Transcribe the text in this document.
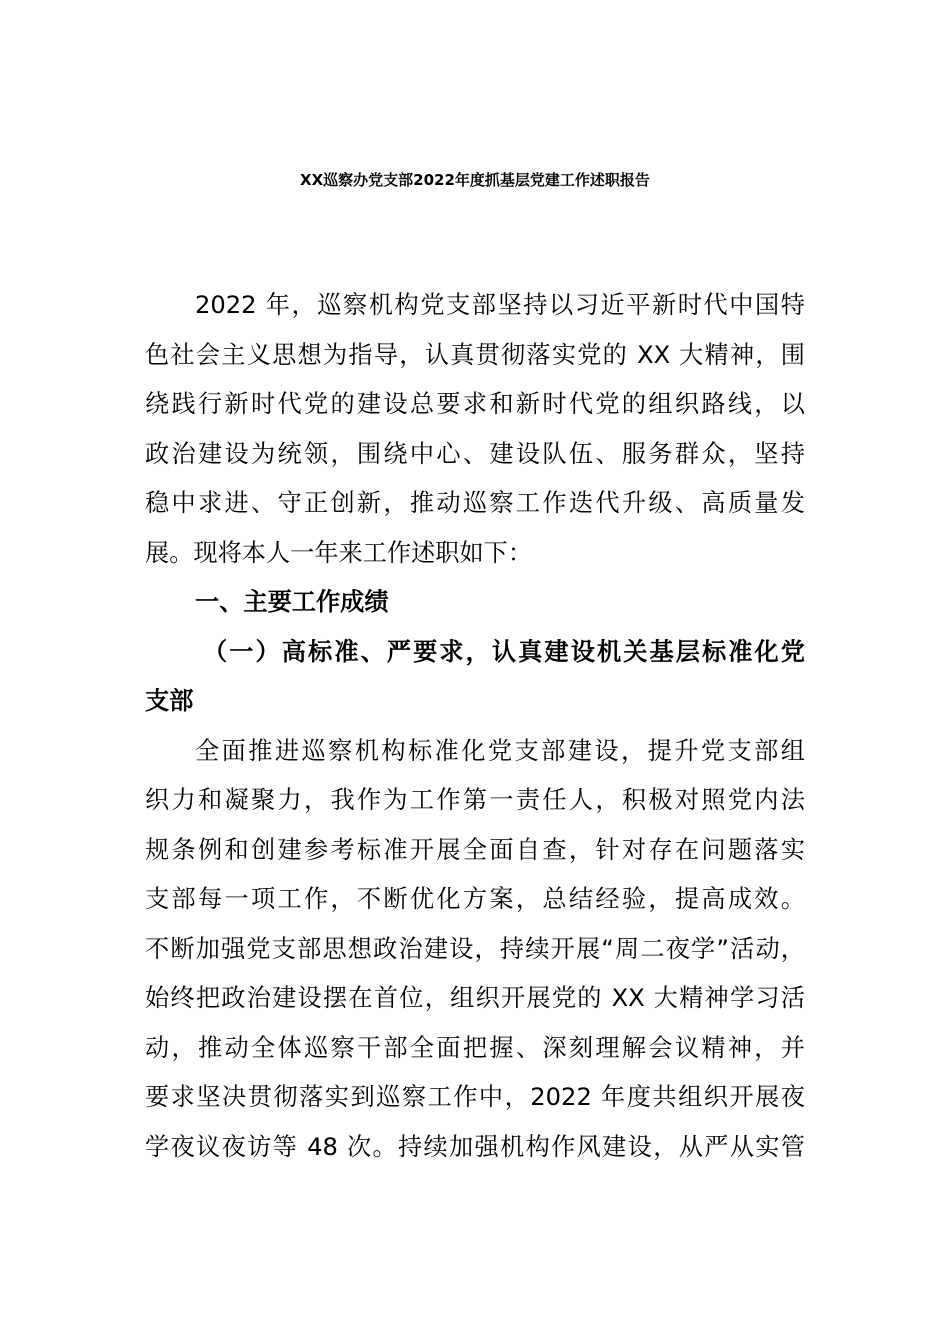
XX巡察办党支部2022年度抓基层党建工作述职报告
2022 年，巡察机构党支部坚持以习近平新时代中国特
色社会主义思想为指导，认真贯彻落实党的 XX 大精神，围
绕践行新时代党的建设总要求和新时代党的组织路线，以
政治建设为统领，围绕中心、建设队伍、服务群众，坚持
稳中求进、守正创新，推动巡察工作迭代升级、高质量发
展。现将本人一年来工作述职如下：
一、主要工作成绩
（一）高标准、严要求，认真建设机关基层标准化党
支部
全面推进巡察机构标准化党支部建设，提升党支部组
织力和凝聚力，我作为工作第一责任人，积极对照党内法
规条例和创建参考标准开展全面自查，针对存在问题落实
支部每一项工作，不断优化方案，总结经验，提高成效。
不断加强党支部思想政治建设，持续开展“周二夜学”活动，
始终把政治建设摆在首位，组织开展党的 XX 大精神学习活
动，推动全体巡察干部全面把握、深刻理解会议精神，并
要求坚决贯彻落实到巡察工作中，2022 年度共组织开展夜
学夜议夜访等 48 次。持续加强机构作风建设，从严从实管
